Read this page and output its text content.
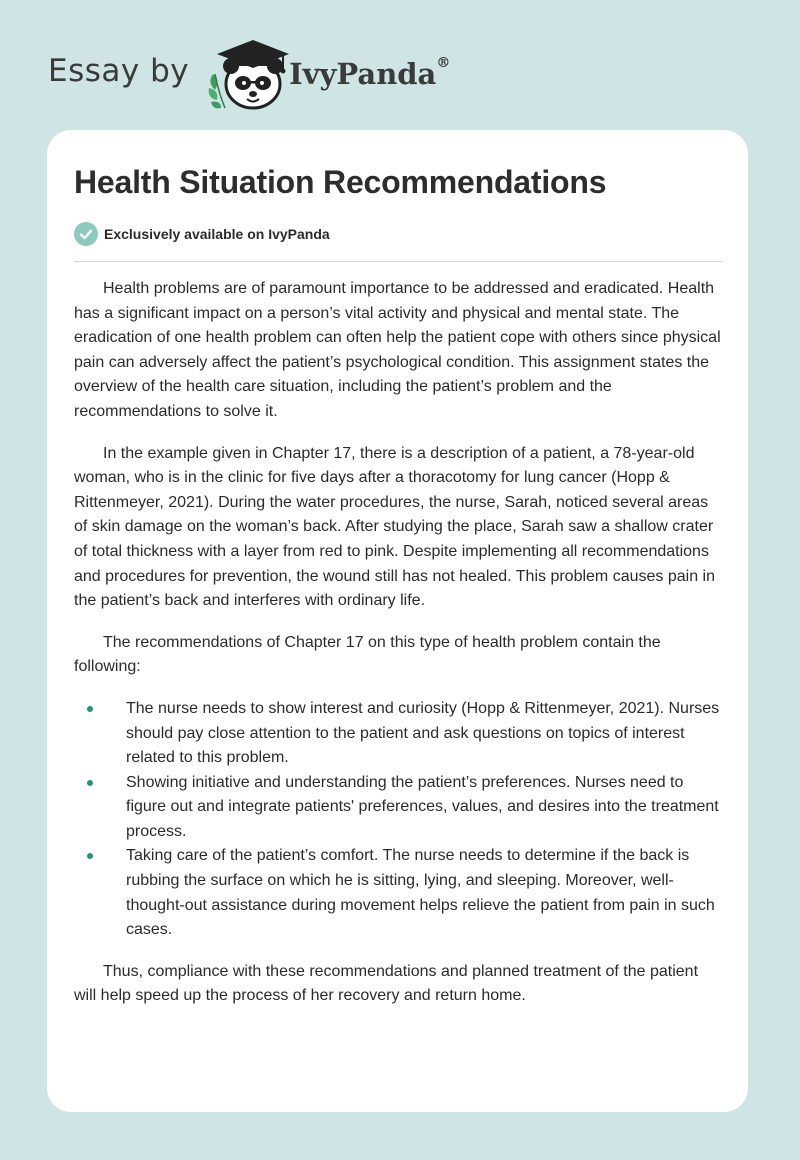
Essay by	IvyPanda®
Health Situation Recommendations
Exclusively available on IvyPanda

Health problems are of paramount importance to be addressed and eradicated. Health has a significant impact on a person’s vital activity and physical and mental state. The eradication of one health problem can often help the patient cope with others since physical pain can adversely affect the patient’s psychological condition. This assignment states the overview of the health care situation, including the patient’s problem and the recommendations to solve it.

In the example given in Chapter 17, there is a description of a patient, a 78-year-old woman, who is in the clinic for five days after a thoracotomy for lung cancer (Hopp & Rittenmeyer, 2021). During the water procedures, the nurse, Sarah, noticed several areas of skin damage on the woman’s back. After studying the place, Sarah saw a shallow crater of total thickness with a layer from red to pink. Despite implementing all recommendations and procedures for prevention, the wound still has not healed. This problem causes pain in the patient’s back and interferes with ordinary life.

The recommendations of Chapter 17 on this type of health problem contain the following:

The nurse needs to show interest and curiosity (Hopp & Rittenmeyer, 2021). Nurses should pay close attention to the patient and ask questions on topics of interest related to this problem.
Showing initiative and understanding the patient’s preferences. Nurses need to figure out and integrate patients' preferences, values, and desires into the treatment process.
Taking care of the patient’s comfort. The nurse needs to determine if the back is rubbing the surface on which he is sitting, lying, and sleeping. Moreover, well-thought-out assistance during movement helps relieve the patient from pain in such cases.

Thus, compliance with these recommendations and planned treatment of the patient will help speed up the process of her recovery and return home.
